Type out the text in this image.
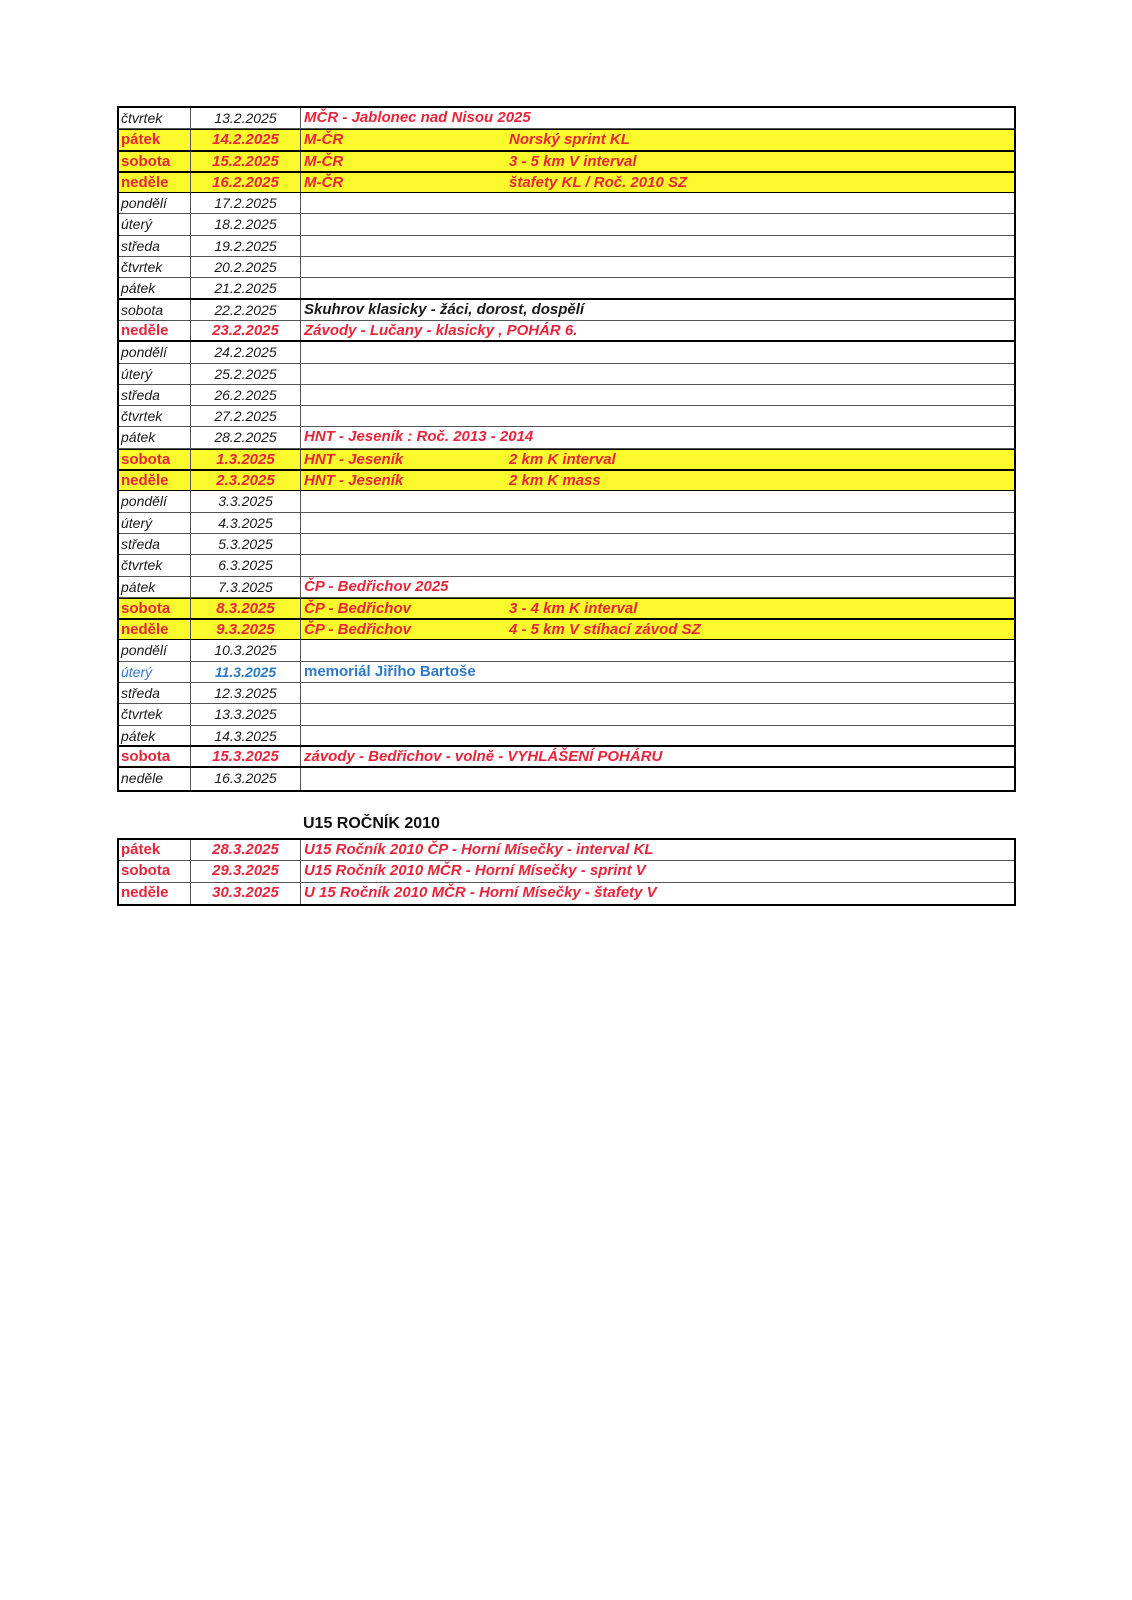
čtvrtek	13.2.2025	MČR - Jablonec nad Nisou 2025
pátek	14.2.2025	M-ČR	Norský sprint KL
sobota	15.2.2025	M-ČR	3 - 5 km V interval
neděle	16.2.2025	M-ČR	štafety KL / Roč. 2010 SZ
pondělí	17.2.2025
úterý	18.2.2025
středa	19.2.2025
čtvrtek	20.2.2025
pátek	21.2.2025
sobota	22.2.2025	Skuhrov klasicky - žáci, dorost, dospělí
neděle	23.2.2025	Závody - Lučany - klasicky , POHÁR 6.
pondělí	24.2.2025
úterý	25.2.2025
středa	26.2.2025
čtvrtek	27.2.2025
pátek	28.2.2025	HNT - Jeseník : Roč. 2013 - 2014
sobota	1.3.2025	HNT - Jeseník	2 km K interval
neděle	2.3.2025	HNT - Jeseník	2 km K mass
pondělí	3.3.2025
úterý	4.3.2025
středa	5.3.2025
čtvrtek	6.3.2025
pátek	7.3.2025	ČP - Bedřichov 2025
sobota	8.3.2025	ČP - Bedřichov	3 - 4 km K interval
neděle	9.3.2025	ČP - Bedřichov	4 - 5 km V stíhací závod SZ
pondělí	10.3.2025
úterý	11.3.2025	memoriál Jiřího Bartoše
středa	12.3.2025
čtvrtek	13.3.2025
pátek	14.3.2025
sobota	15.3.2025	závody - Bedřichov - volně - VYHLÁŠENÍ POHÁRU
neděle	16.3.2025
U15 ROČNÍK 2010
pátek	28.3.2025	U15 Ročník 2010 ČP - Horní Mísečky - interval KL
sobota	29.3.2025	U15 Ročník 2010 MČR - Horní Mísečky - sprint V
neděle	30.3.2025	U 15 Ročník 2010 MČR - Horní Mísečky - štafety V
